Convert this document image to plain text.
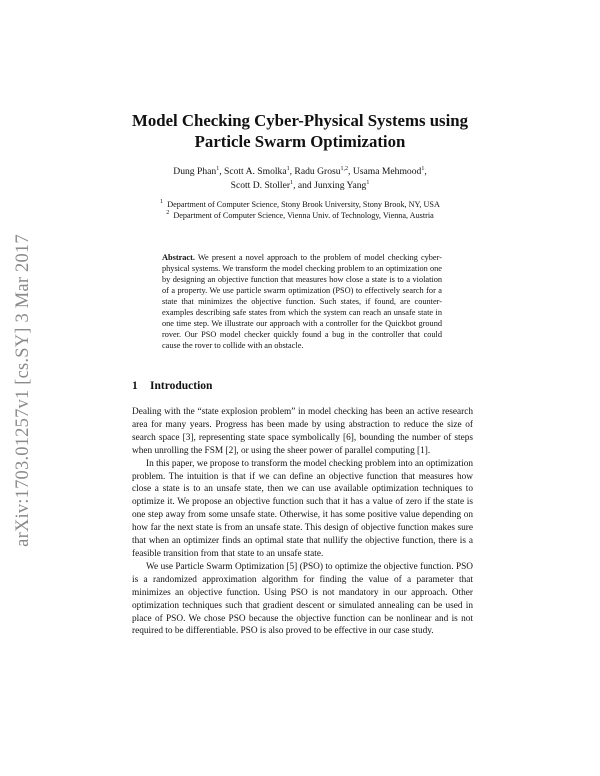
arXiv:1703.01257v1 [cs.SY] 3 Mar 2017
Model Checking Cyber-Physical Systems using
Particle Swarm Optimization
Dung Phan$^1$, Scott A. Smolka$^1$, Radu Grosu$^{1,2}$, Usama Mehmood$^1$,
Scott D. Stoller$^1$, and Junxing Yang$^1$
$^1$ Department of Computer Science, Stony Brook University, Stony Brook, NY, USA
$^2$ Department of Computer Science, Vienna Univ. of Technology, Vienna, Austria
Abstract. We present a novel approach to the problem of model checking cyber-physical systems. We transform the model checking problem to an optimization one by designing an objective function that measures how close a state is to a violation of a property. We use particle swarm optimization (PSO) to effectively search for a state that minimizes the objective function. Such states, if found, are counter-examples describing safe states from which the system can reach an unsafe state in one time step. We illustrate our approach with a controller for the Quickbot ground rover. Our PSO model checker quickly found a bug in the controller that could cause the rover to collide with an obstacle.
1 Introduction

Dealing with the “state explosion problem” in model checking has been an active research area for many years. Progress has been made by using abstraction to reduce the size of search space [3], representing state space symbolically [6], bounding the number of steps when unrolling the FSM [2], or using the sheer power of parallel computing [1].

In this paper, we propose to transform the model checking problem into an optimization problem. The intuition is that if we can define an objective function that measures how close a state is to an unsafe state, then we can use available optimization techniques to optimize it. We propose an objective function such that it has a value of zero if the state is one step away from some unsafe state. Otherwise, it has some positive value depending on how far the next state is from an unsafe state. This design of objective function makes sure that when an optimizer finds an optimal state that nullify the objective function, there is a feasible transition from that state to an unsafe state.

We use Particle Swarm Optimization [5] (PSO) to optimize the objective function. PSO is a randomized approximation algorithm for finding the value of a parameter that minimizes an objective function. Using PSO is not mandatory in our approach. Other optimization techniques such that gradient descent or simulated annealing can be used in place of PSO. We chose PSO because the objective function can be nonlinear and is not required to be differentiable. PSO is also proved to be effective in our case study.
